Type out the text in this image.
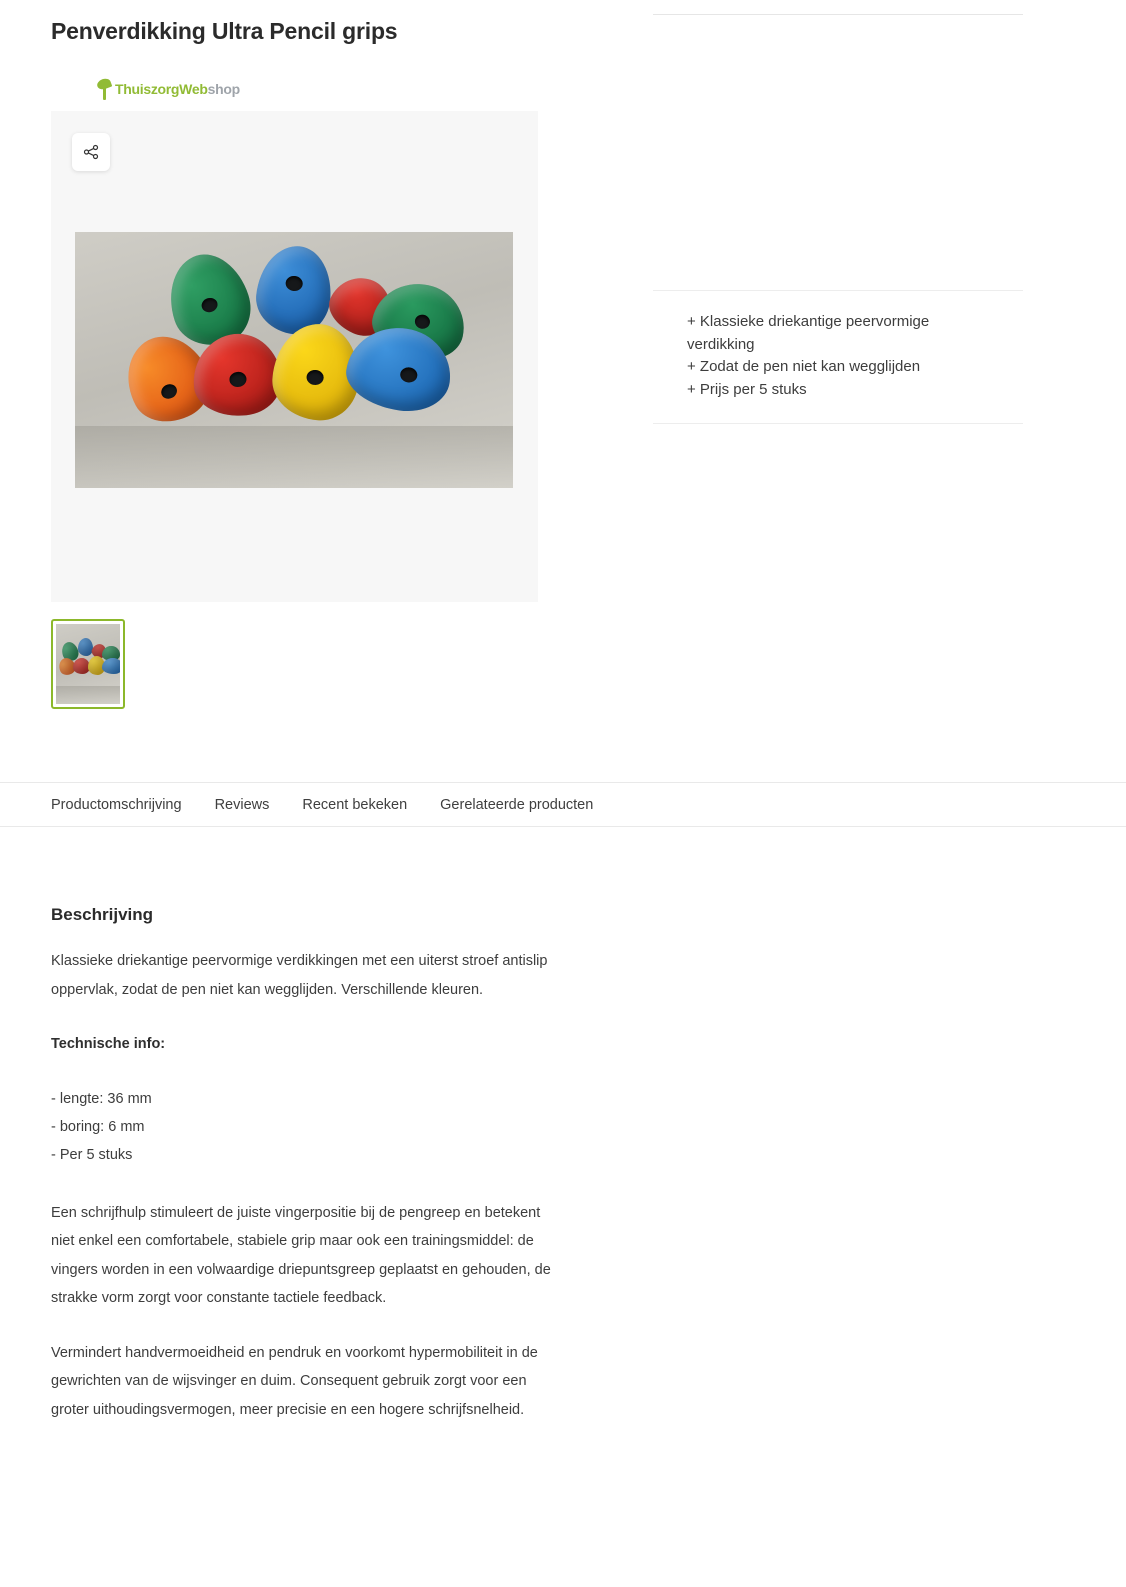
Penverdikking Ultra Pencil grips
ThuiszorgWebshop
+ Klassieke driekantige peervormige verdikking
+ Zodat de pen niet kan wegglijden
+ Prijs per 5 stuks
Productomschrijving Reviews Recent bekeken Gerelateerde producten
Beschrijving

Klassieke driekantige peervormige verdikkingen met een uiterst stroef antislip oppervlak, zodat de pen niet kan wegglijden. Verschillende kleuren.

Technische info:

- lengte: 36 mm
- boring: 6 mm
- Per 5 stuks

Een schrijfhulp stimuleert de juiste vingerpositie bij de pengreep en betekent niet enkel een comfortabele, stabiele grip maar ook een trainingsmiddel: de vingers worden in een volwaardige driepuntsgreep geplaatst en gehouden, de strakke vorm zorgt voor constante tactiele feedback.

Vermindert handvermoeidheid en pendruk en voorkomt hypermobiliteit in de gewrichten van de wijsvinger en duim. Consequent gebruik zorgt voor een groter uithoudingsvermogen, meer precisie en een hogere schrijfsnelheid.
